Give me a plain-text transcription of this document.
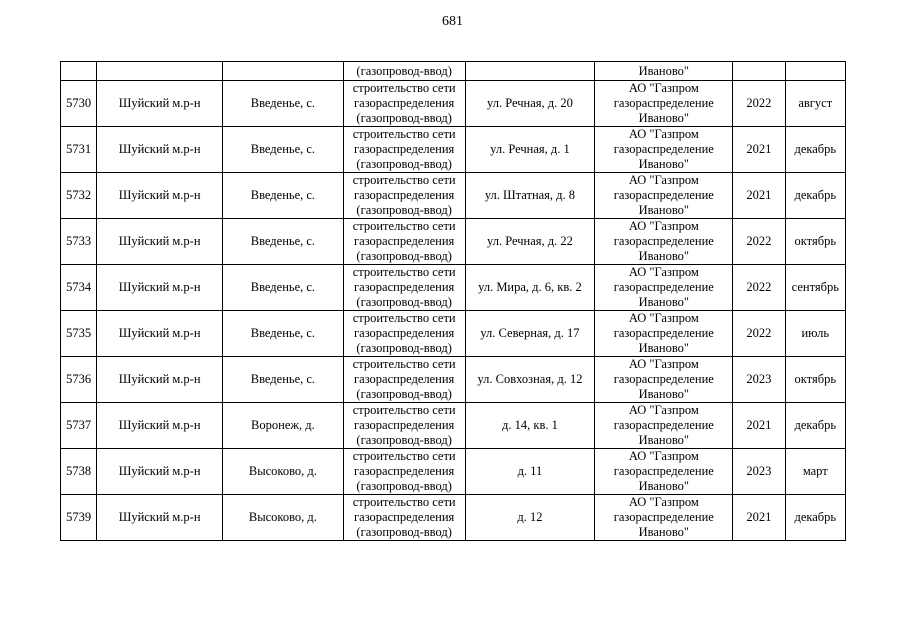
681
			(газопровод-ввод)		Иваново"		
5730	Шуйский м.р-н	Введенье, с.	строительство сети
газораспределения
(газопровод-ввод)	ул. Речная, д. 20	АО "Газпром
газораспределение
Иваново"	2022	август
5731	Шуйский м.р-н	Введенье, с.	строительство сети
газораспределения
(газопровод-ввод)	ул. Речная, д. 1	АО "Газпром
газораспределение
Иваново"	2021	декабрь
5732	Шуйский м.р-н	Введенье, с.	строительство сети
газораспределения
(газопровод-ввод)	ул. Штатная, д. 8	АО "Газпром
газораспределение
Иваново"	2021	декабрь
5733	Шуйский м.р-н	Введенье, с.	строительство сети
газораспределения
(газопровод-ввод)	ул. Речная, д. 22	АО "Газпром
газораспределение
Иваново"	2022	октябрь
5734	Шуйский м.р-н	Введенье, с.	строительство сети
газораспределения
(газопровод-ввод)	ул. Мира, д. 6, кв. 2	АО "Газпром
газораспределение
Иваново"	2022	сентябрь
5735	Шуйский м.р-н	Введенье, с.	строительство сети
газораспределения
(газопровод-ввод)	ул. Северная, д. 17	АО "Газпром
газораспределение
Иваново"	2022	июль
5736	Шуйский м.р-н	Введенье, с.	строительство сети
газораспределения
(газопровод-ввод)	ул. Совхозная, д. 12	АО "Газпром
газораспределение
Иваново"	2023	октябрь
5737	Шуйский м.р-н	Воронеж, д.	строительство сети
газораспределения
(газопровод-ввод)	д. 14, кв. 1	АО "Газпром
газораспределение
Иваново"	2021	декабрь
5738	Шуйский м.р-н	Высоково, д.	строительство сети
газораспределения
(газопровод-ввод)	д. 11	АО "Газпром
газораспределение
Иваново"	2023	март
5739	Шуйский м.р-н	Высоково, д.	строительство сети
газораспределения
(газопровод-ввод)	д. 12	АО "Газпром
газораспределение
Иваново"	2021	декабрь
